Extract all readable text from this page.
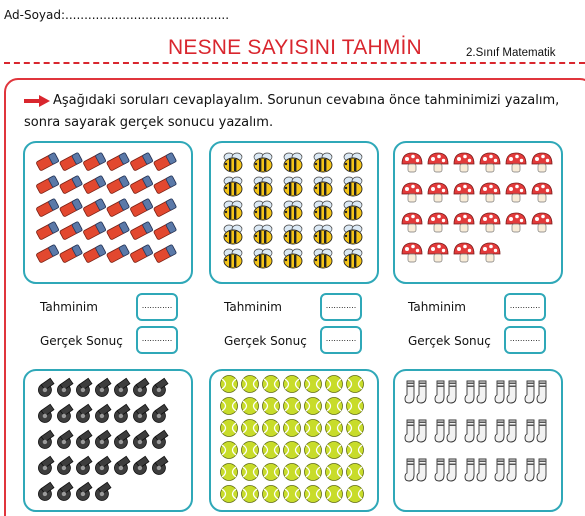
Ad-Soyad:...........................................
NESNE SAYISINI TAHMİN	2.Sınıf Matematik
Aşağıdaki soruları cevaplayalım. Sorunun cevabına önce tahminimizi yazalım, sonra sayarak gerçek sonucu yazalım.
Tahminim	............
Gerçek Sonuç	............
Tahminim	............
Gerçek Sonuç	............
Tahminim	............
Gerçek Sonuç	............
